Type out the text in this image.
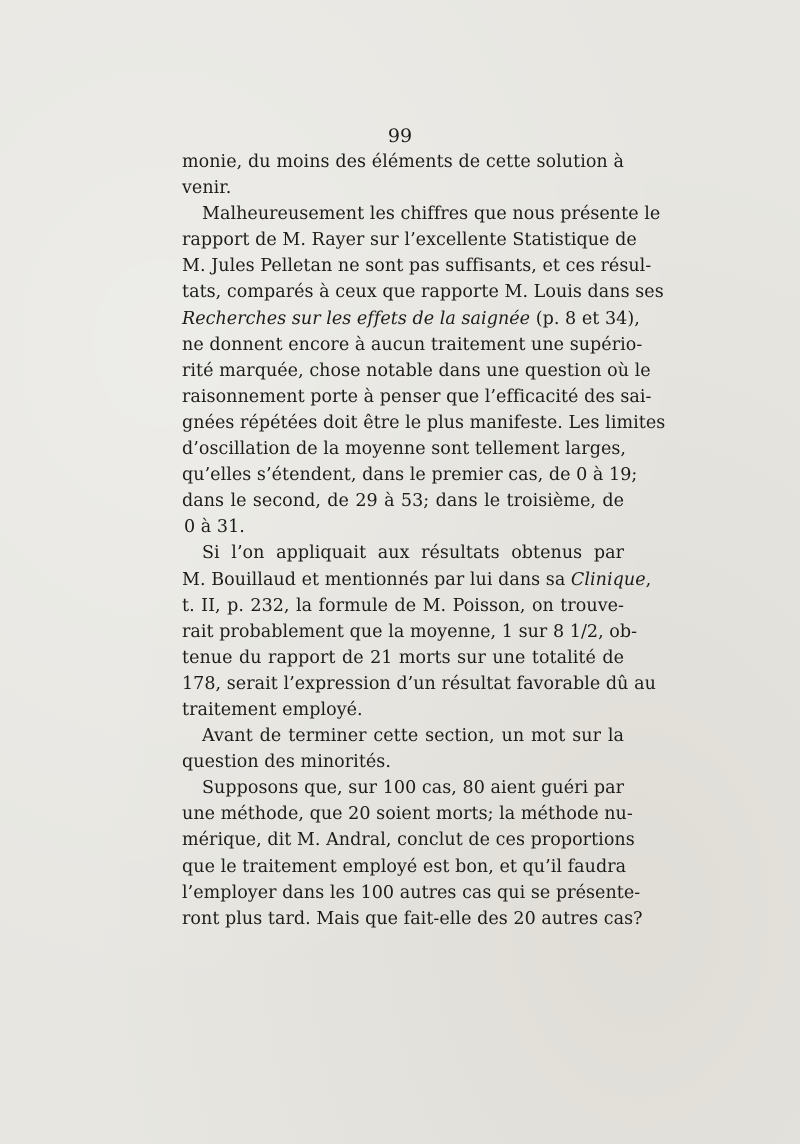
99
monie, du moins des éléments de cette solution à
venir.
Malheureusement les chiffres que nous présente le
rapport de M. Rayer sur l’excellente Statistique de
M. Jules Pelletan ne sont pas suffisants, et ces résul-
tats, comparés à ceux que rapporte M. Louis dans ses
Recherches sur les effets de la saignée (p. 8 et 34),
ne donnent encore à aucun traitement une supério-
rité marquée, chose notable dans une question où le
raisonnement porte à penser que l’efficacité des sai-
gnées répétées doit être le plus manifeste. Les limites
d’oscillation de la moyenne sont tellement larges,
qu’elles s’étendent, dans le premier cas, de 0 à 19;
dans le second, de 29 à 53; dans le troisième, de
0 à 31.
Si l’on appliquait aux résultats obtenus par
M. Bouillaud et mentionnés par lui dans sa Clinique,
t. II, p. 232, la formule de M. Poisson, on trouve-
rait probablement que la moyenne, 1 sur 8 1/2, ob-
tenue du rapport de 21 morts sur une totalité de
178, serait l’expression d’un résultat favorable dû au
traitement employé.
Avant de terminer cette section, un mot sur la
question des minorités.
Supposons que, sur 100 cas, 80 aient guéri par
une méthode, que 20 soient morts; la méthode nu-
mérique, dit M. Andral, conclut de ces proportions
que le traitement employé est bon, et qu’il faudra
l’employer dans les 100 autres cas qui se présente-
ront plus tard. Mais que fait-elle des 20 autres cas?
